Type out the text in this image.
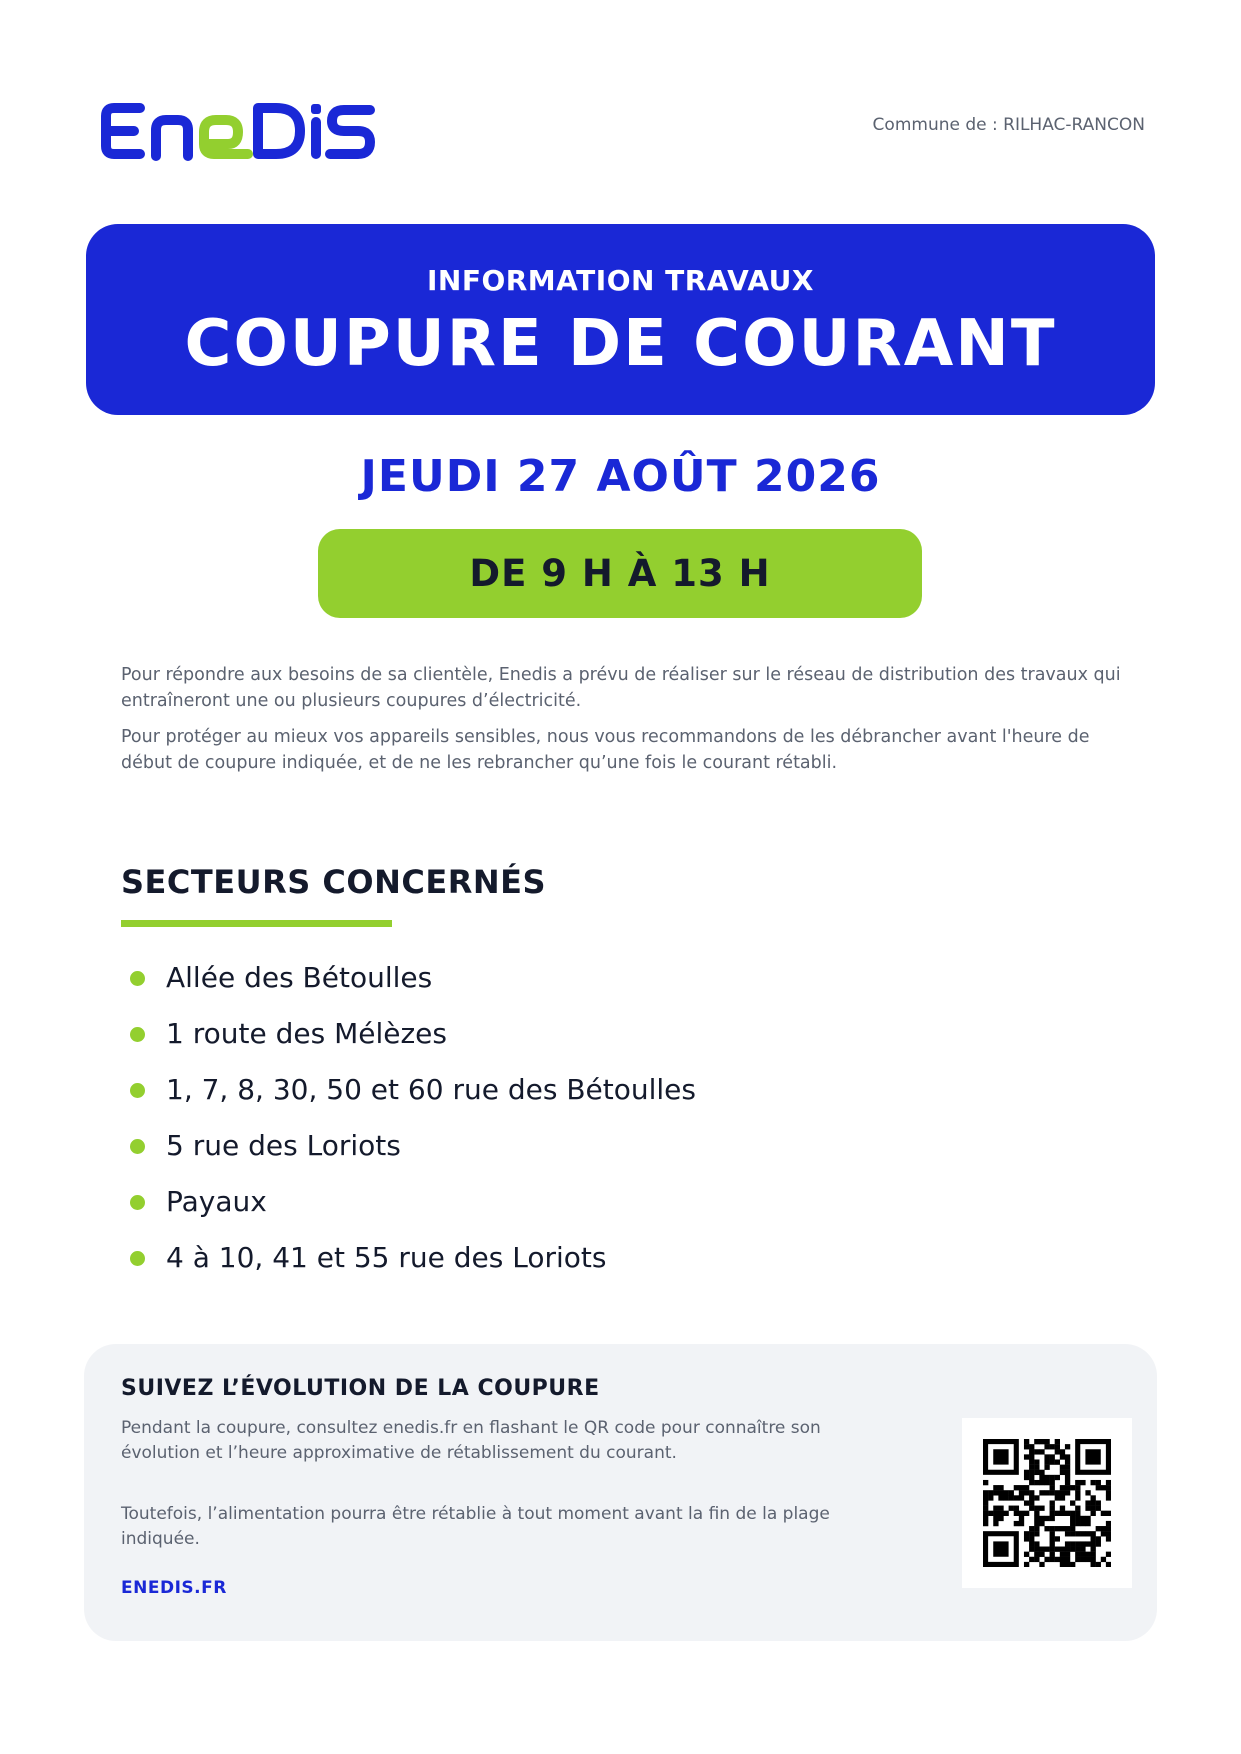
Commune de : RILHAC-RANCON
INFORMATION TRAVAUX
COUPURE DE COURANT
JEUDI 27 AOÛT 2026
DE 9 H À 13 H

Pour répondre aux besoins de sa clientèle, Enedis a prévu de réaliser sur le réseau de distribution des travaux qui entraîneront une ou plusieurs coupures d’électricité.

Pour protéger au mieux vos appareils sensibles, nous vous recommandons de les débrancher avant l'heure de début de coupure indiquée, et de ne les rebrancher qu’une fois le courant rétabli.

SECTEURS CONCERNÉS
Allée des Bétoulles
1 route des Mélèzes
1, 7, 8, 30, 50 et 60 rue des Bétoulles
5 rue des Loriots
Payaux
4 à 10, 41 et 55 rue des Loriots
SUIVEZ L’ÉVOLUTION DE LA COUPURE

Pendant la coupure, consultez enedis.fr en flashant le QR code pour connaître son évolution et l’heure approximative de rétablissement du courant.

Toutefois, l’alimentation pourra être rétablie à tout moment avant la fin de la plage indiquée.

ENEDIS.FR
